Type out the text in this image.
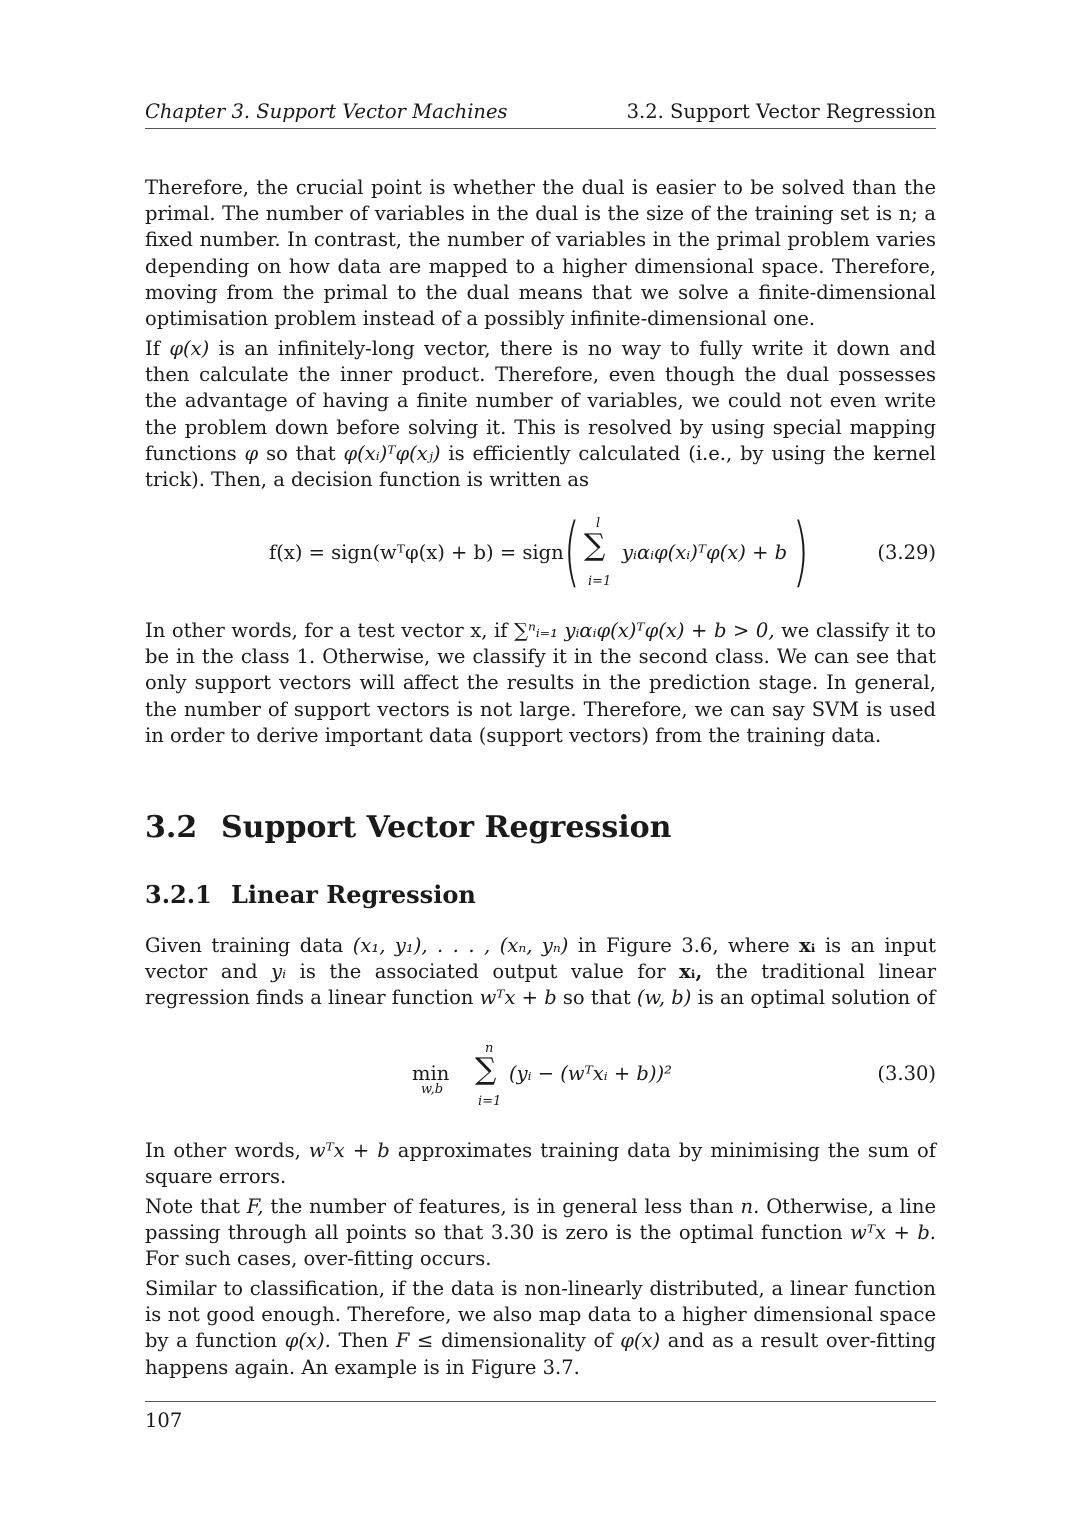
Chapter 3. Support Vector Machines	3.2. Support Vector Regression
Therefore, the crucial point is whether the dual is easier to be solved than the primal. The number of variables in the dual is the size of the training set is n; a fixed number. In contrast, the number of variables in the primal problem varies depending on how data are mapped to a higher dimensional space. Therefore, moving from the primal to the dual means that we solve a finite-dimensional optimisation problem instead of a possibly infinite-dimensional one.
If φ(x) is an infinitely-long vector, there is no way to fully write it down and then calculate the inner product. Therefore, even though the dual possesses the advantage of having a finite number of variables, we could not even write the problem down before solving it. This is resolved by using special mapping functions φ so that φ(xᵢ)ᵀφ(xⱼ) is efficiently calculated (i.e., by using the kernel trick). Then, a decision function is written as
f(x) = sign(wᵀφ(x) + b) = sign ( l
∑
i=1
yᵢαᵢφ(xᵢ)ᵀφ(x) + b )	(3.29)
In other words, for a test vector x, if ∑ⁿᵢ₌₁ yᵢαᵢφ(x)ᵀφ(x) + b > 0, we classify it to be in the class 1. Otherwise, we classify it in the second class. We can see that only support vectors will affect the results in the prediction stage. In general, the number of support vectors is not large. Therefore, we can say SVM is used in order to derive important data (support vectors) from the training data.
3.2 Support Vector Regression
3.2.1 Linear Regression
Given training data (x₁, y₁), . . . , (xₙ, yₙ) in Figure 3.6, where xᵢ is an input vector and yᵢ is the associated output value for xᵢ, the traditional linear regression finds a linear function wᵀx + b so that (w, b) is an optimal solution of
min
w,b
n
∑
i=1
(yᵢ − (wᵀxᵢ + b))²	(3.30)
In other words, wᵀx + b approximates training data by minimising the sum of square errors.
Note that F, the number of features, is in general less than n. Otherwise, a line passing through all points so that 3.30 is zero is the optimal function wᵀx + b. For such cases, over-fitting occurs.
Similar to classification, if the data is non-linearly distributed, a linear function is not good enough. Therefore, we also map data to a higher dimensional space by a function φ(x). Then F ≤ dimensionality of φ(x) and as a result over-fitting happens again. An example is in Figure 3.7.
107
